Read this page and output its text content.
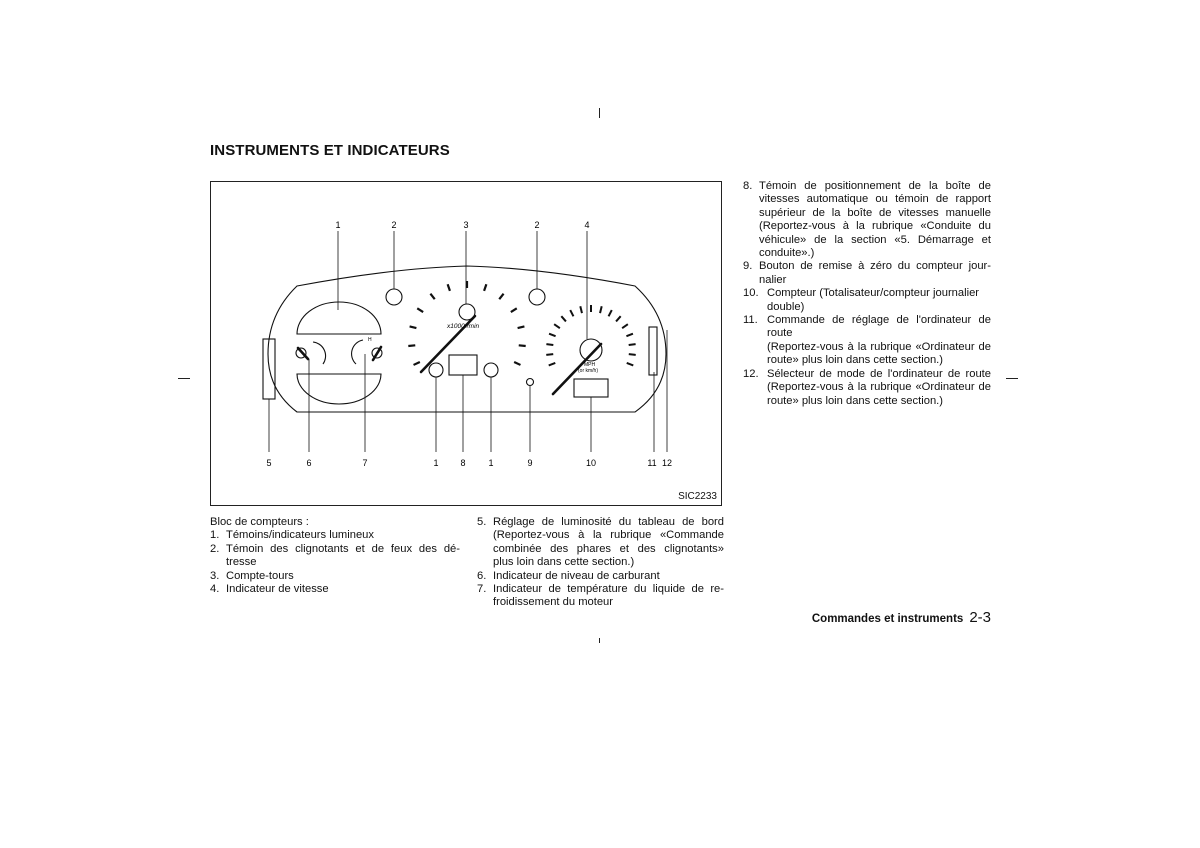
INSTRUMENTS ET INDICATEURS
x1000r/min
MPH
(or km/h)
H
1	2	3	2	4
5	6	7	1 8	1	9	10	11 12
SIC2233
Bloc de compteurs :
1. Témoins/indicateurs lumineux
2. Témoin des clignotants et de feux des dé-
tresse
3. Compte-tours
4. Indicateur de vitesse
5. Réglage de luminosité du tableau de bord
(Reportez-vous à la rubrique «Commande
combinée des phares et des clignotants»
plus loin dans cette section.)
6. Indicateur de niveau de carburant
7. Indicateur de température du liquide de re-
froidissement du moteur
8. Témoin de positionnement de la boîte de
vitesses automatique ou témoin de rapport
supérieur de la boîte de vitesses manuelle
(Reportez-vous à la rubrique «Conduite du
véhicule» de la section «5. Démarrage et
conduite».)
9. Bouton de remise à zéro du compteur jour-
nalier
10. Compteur (Totalisateur/compteur journalier
double)
11. Commande de réglage de l'ordinateur de
route
(Reportez-vous à la rubrique «Ordinateur de
route» plus loin dans cette section.)
12. Sélecteur de mode de l'ordinateur de route
(Reportez-vous à la rubrique «Ordinateur de
route» plus loin dans cette section.)
Commandes et instruments 2-3
